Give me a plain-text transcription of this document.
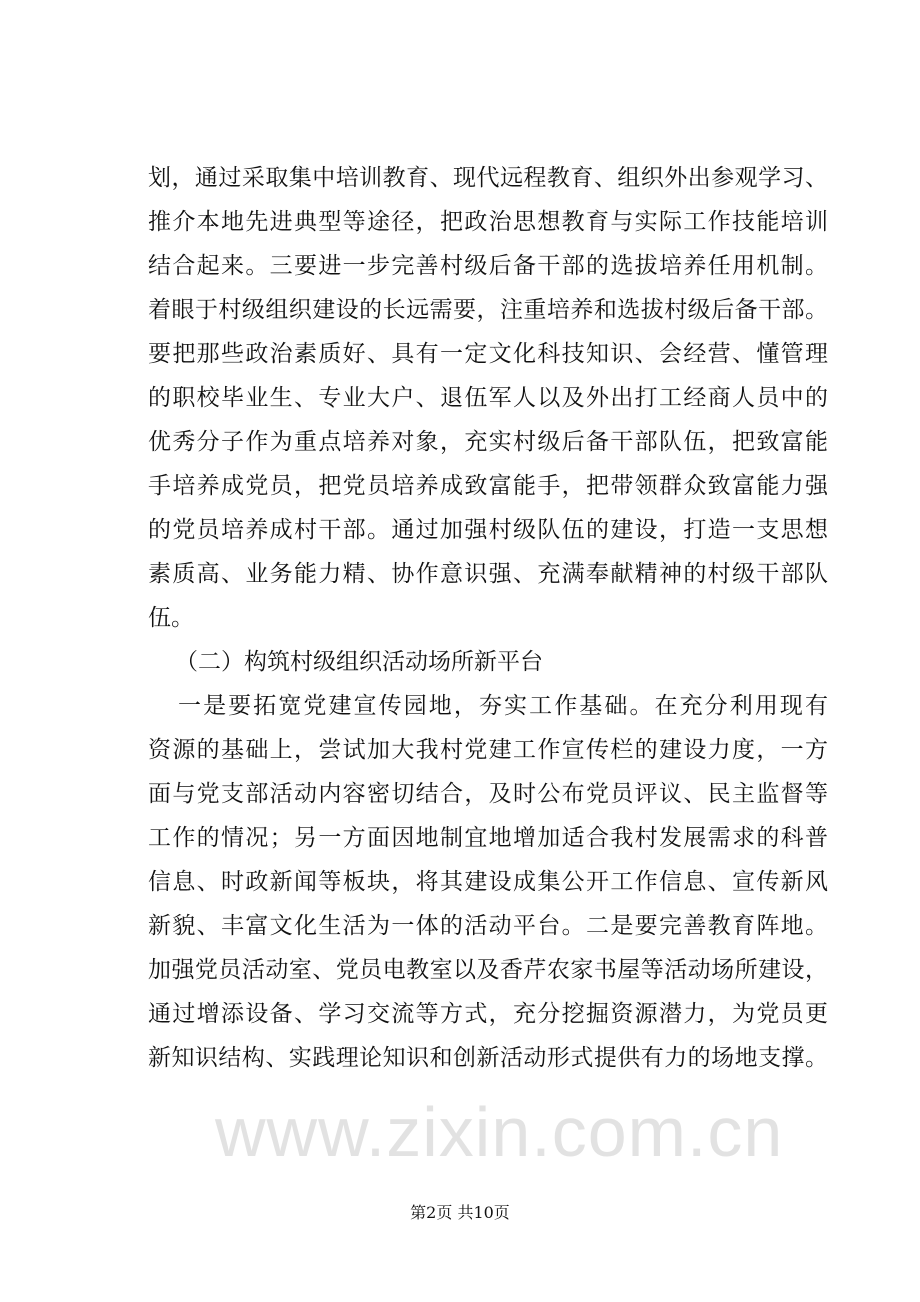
划，通过采取集中培训教育、现代远程教育、组织外出参观学习、
推介本地先进典型等途径，把政治思想教育与实际工作技能培训
结合起来。三要进一步完善村级后备干部的选拔培养任用机制。
着眼于村级组织建设的长远需要，注重培养和选拔村级后备干部。
要把那些政治素质好、具有一定文化科技知识、会经营、懂管理
的职校毕业生、专业大户、退伍军人以及外出打工经商人员中的
优秀分子作为重点培养对象，充实村级后备干部队伍，把致富能
手培养成党员，把党员培养成致富能手，把带领群众致富能力强
的党员培养成村干部。通过加强村级队伍的建设，打造一支思想
素质高、业务能力精、协作意识强、充满奉献精神的村级干部队
伍。
（二）构筑村级组织活动场所新平台
一是要拓宽党建宣传园地，夯实工作基础。在充分利用现有
资源的基础上，尝试加大我村党建工作宣传栏的建设力度，一方
面与党支部活动内容密切结合，及时公布党员评议、民主监督等
工作的情况；另一方面因地制宜地增加适合我村发展需求的科普
信息、时政新闻等板块，将其建设成集公开工作信息、宣传新风
新貌、丰富文化生活为一体的活动平台。二是要完善教育阵地。
加强党员活动室、党员电教室以及香芹农家书屋等活动场所建设，
通过增添设备、学习交流等方式，充分挖掘资源潜力，为党员更
新知识结构、实践理论知识和创新活动形式提供有力的场地支撑。
www.zixin.com.cn
第2页 共10页
